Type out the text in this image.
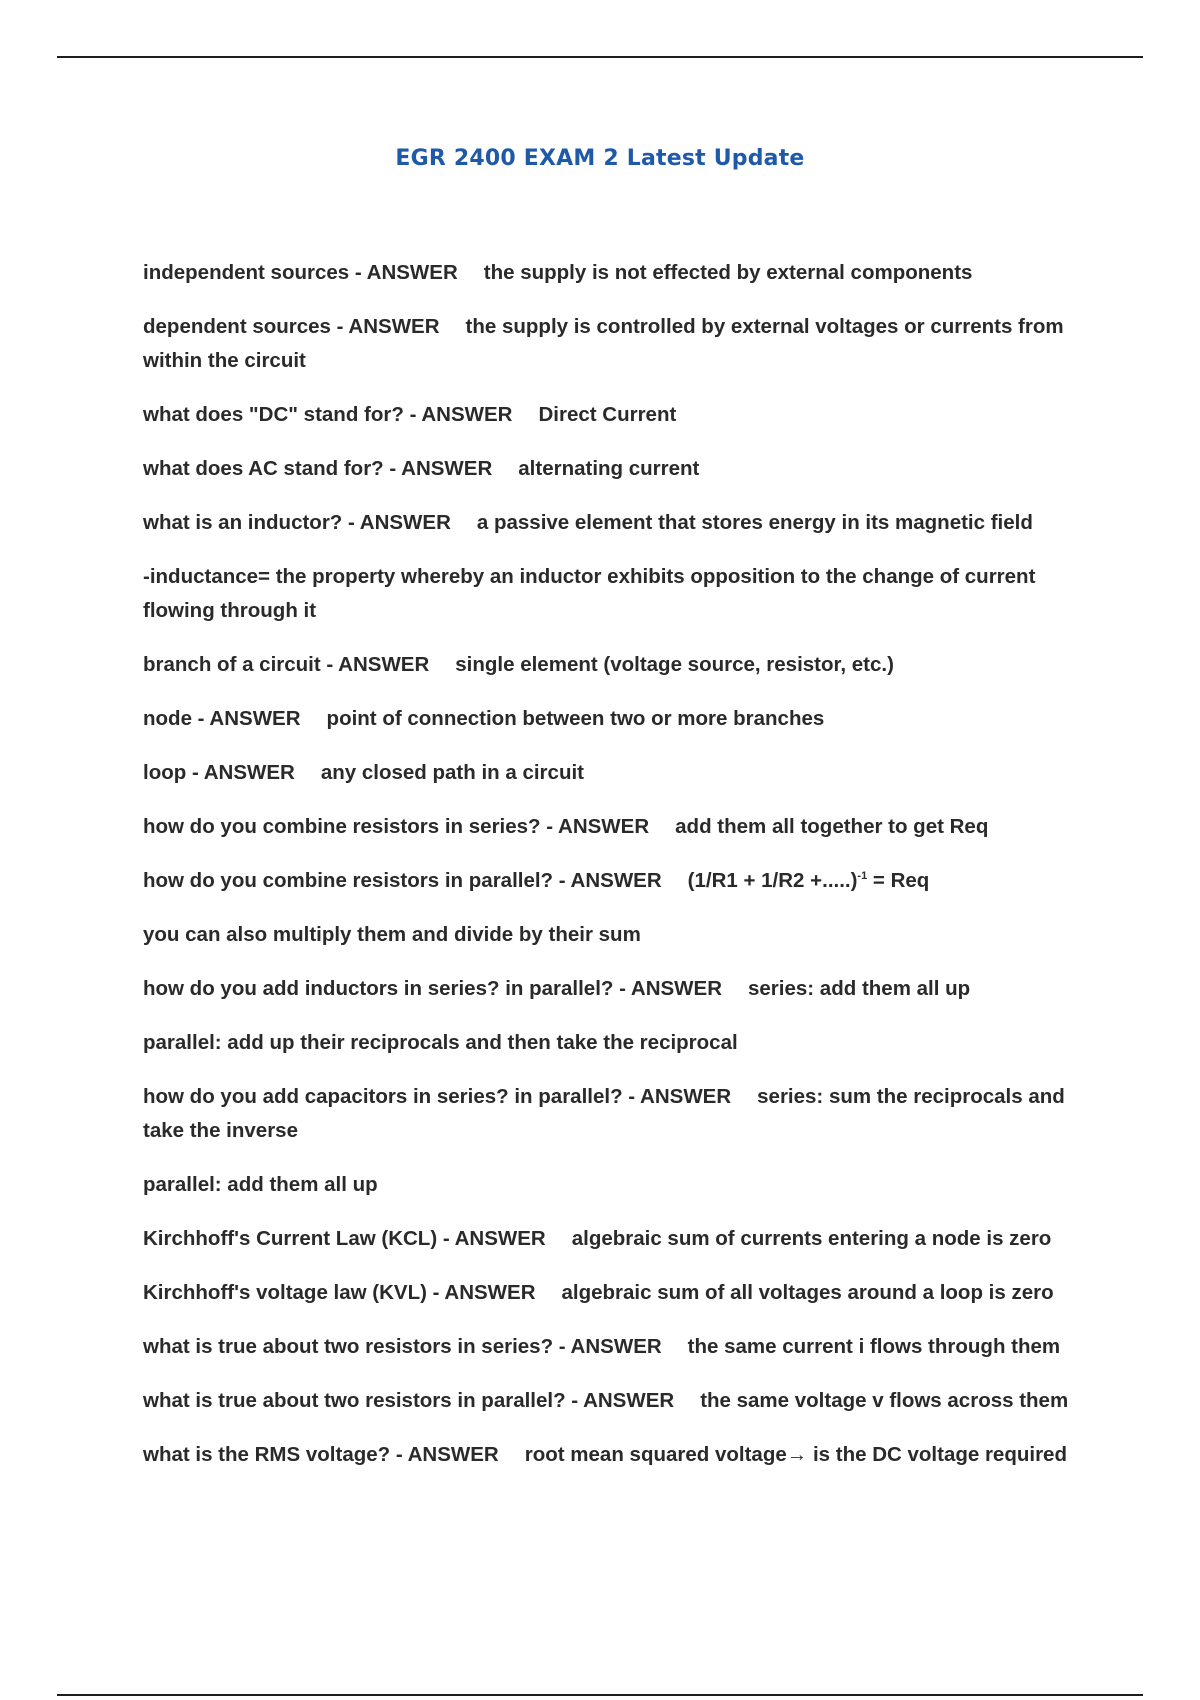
EGR 2400 EXAM 2 Latest Update

independent sources - ANSWER the supply is not effected by external components

dependent sources - ANSWER the supply is controlled by external voltages or currents from within the circuit

what does "DC" stand for? - ANSWER Direct Current

what does AC stand for? - ANSWER alternating current

what is an inductor? - ANSWER a passive element that stores energy in its magnetic field

-inductance= the property whereby an inductor exhibits opposition to the change of current flowing through it

branch of a circuit - ANSWER single element (voltage source, resistor, etc.)

node - ANSWER point of connection between two or more branches

loop - ANSWER any closed path in a circuit

how do you combine resistors in series? - ANSWER add them all together to get Req

how do you combine resistors in parallel? - ANSWER (1/R1 + 1/R2 +.....)$^{-1}$ = Req

you can also multiply them and divide by their sum

how do you add inductors in series? in parallel? - ANSWER series: add them all up

parallel: add up their reciprocals and then take the reciprocal

how do you add capacitors in series? in parallel? - ANSWER series: sum the reciprocals and take the inverse

parallel: add them all up

Kirchhoff's Current Law (KCL) - ANSWER algebraic sum of currents entering a node is zero

Kirchhoff's voltage law (KVL) - ANSWER algebraic sum of all voltages around a loop is zero

what is true about two resistors in series? - ANSWER the same current i flows through them

what is true about two resistors in parallel? - ANSWER the same voltage v flows across them

what is the RMS voltage? - ANSWER root mean squared voltage→ is the DC voltage required
